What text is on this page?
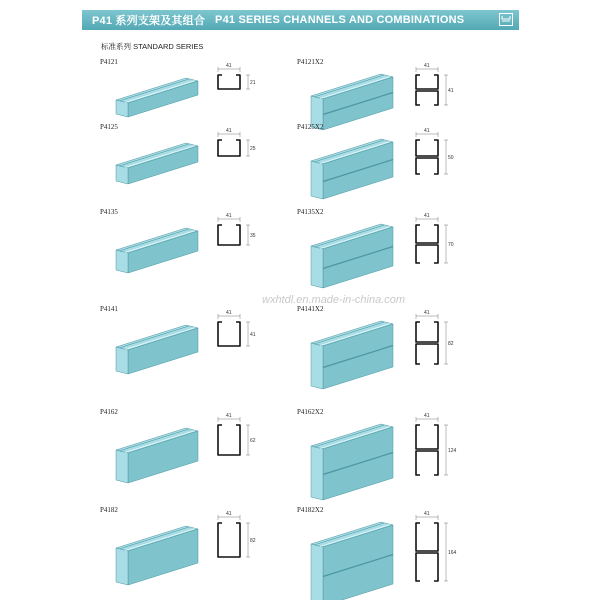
P41 系列支架及其组合 P41 SERIES CHANNELS AND COMBINATIONS
标准系列 STANDARD SERIES
wxhtdl.en.made-in-china.com
P4121	41
21
P4125	41
25
P4135	41
35
P4141	41
41
P4162	41
62
P4182	41
82
P4121X2	41
41
P4125X2	41
50
P4135X2	41
70
P4141X2	41
82
P4162X2	41
124
P4182X2	41
164
